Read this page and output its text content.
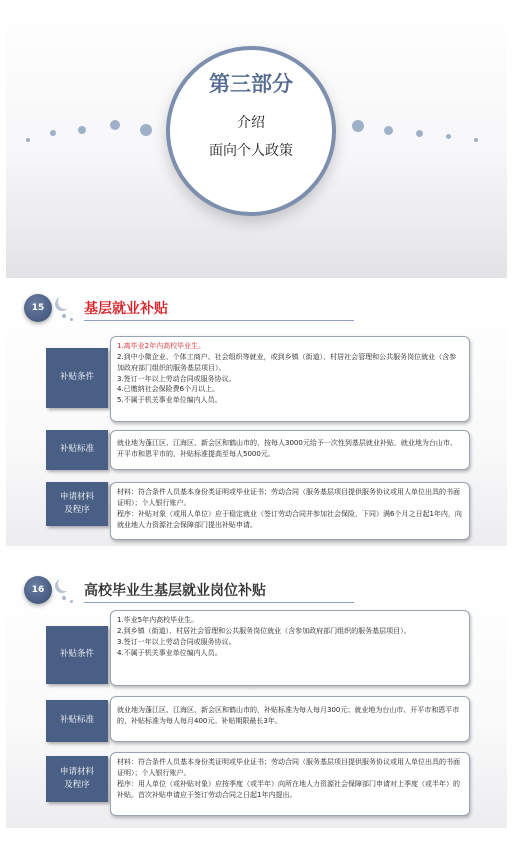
第三部分
介绍
面向个人政策
15	基层就业补贴
补贴条件
1.离毕业2年内高校毕业生。
2.到中小微企业、个体工商户、社会组织等就业，或到乡镇（街道）、村居社会管理和公共服务岗位就业（含参加政府部门组织的服务基层项目）。
3.签订一年以上劳动合同或服务协议。
4.已缴纳社会保险费6个月以上。
5.不属于机关事业单位编内人员。
补贴标准
就业地为蓬江区、江海区、新会区和鹤山市的，按每人3000元给予一次性到基层就业补贴，就业地为台山市、开平市和恩平市的，补贴标准提高至每人5000元。
申请材料及程序
材料：符合条件人员基本身份类证明或毕业证书；劳动合同（服务基层项目提供服务协议或用人单位出具的书面证明）；个人银行账户。
程序：补贴对象（或用人单位）应于稳定就业（签订劳动合同并参加社会保险，下同）满6个月之日起1年内，向就业地人力资源社会保障部门提出补贴申请。
16	高校毕业生基层就业岗位补贴
补贴条件
1.毕业5年内高校毕业生。
2.到乡镇（街道）、村居社会管理和公共服务岗位就业（含参加政府部门组织的服务基层项目）。
3.签订一年以上劳动合同或服务协议。
4.不属于机关事业单位编内人员。
补贴标准
就业地为蓬江区、江海区、新会区和鹤山市的，补贴标准为每人每月300元；就业地为台山市、开平市和恩平市的，补贴标准为每人每月400元。补贴期限最长3年。
申请材料及程序
材料：符合条件人员基本身份类证明或毕业证书；劳动合同（服务基层项目提供服务协议或用人单位出具的书面证明）；个人银行账户。
程序：用人单位（或补贴对象）应按季度（或半年）向所在地人力资源社会保障部门申请对上季度（或半年）的补贴。首次补贴申请应于签订劳动合同之日起1年内提出。
